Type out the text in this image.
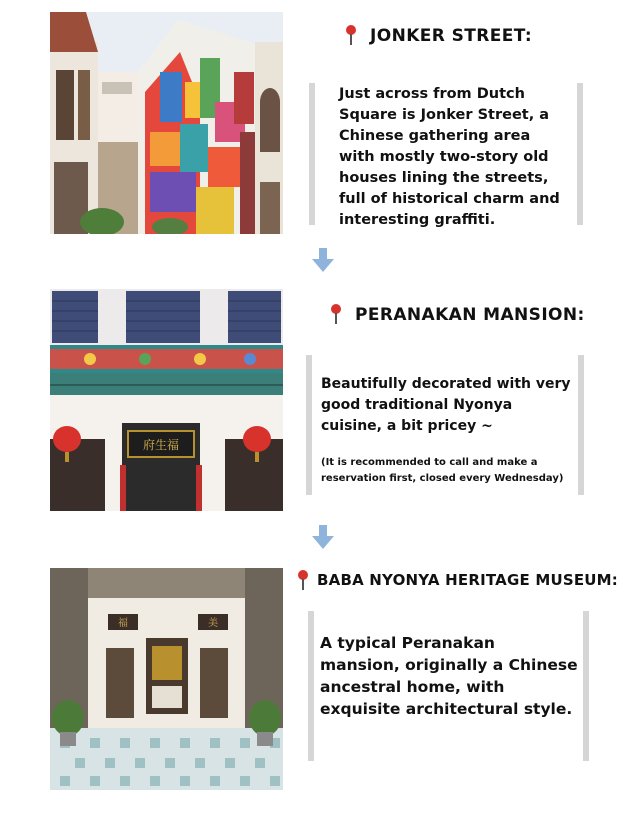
JONKER STREET:
Just across from Dutch Square is Jonker Street, a Chinese gathering area with mostly two-story old houses lining the streets, full of historical charm and interesting graffiti.
府生福
PERANAKAN MANSION:
Beautifully decorated with very good traditional Nyonya cuisine, a bit pricey ~
(It is recommended to call and make a reservation first, closed every Wednesday)
福	美
BABA NYONYA HERITAGE MUSEUM:
A typical Peranakan mansion, originally a Chinese ancestral home, with exquisite architectural style.
